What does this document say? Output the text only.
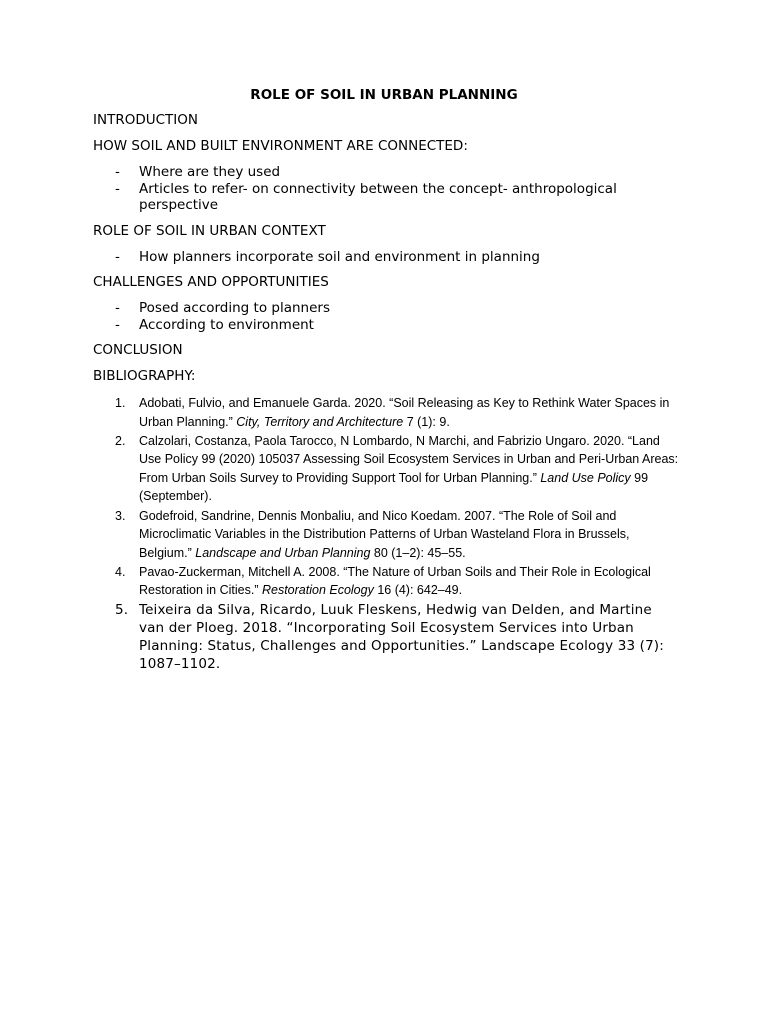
ROLE OF SOIL IN URBAN PLANNING
INTRODUCTION
HOW SOIL AND BUILT ENVIRONMENT ARE CONNECTED:
- Where are they used
- Articles to refer- on connectivity between the concept- anthropological perspective
ROLE OF SOIL IN URBAN CONTEXT
- How planners incorporate soil and environment in planning
CHALLENGES AND OPPORTUNITIES
- Posed according to planners
- According to environment
CONCLUSION
BIBLIOGRAPHY:
1. Adobati, Fulvio, and Emanuele Garda. 2020. “Soil Releasing as Key to Rethink Water Spaces in Urban Planning.” City, Territory and Architecture 7 (1): 9.
2. Calzolari, Costanza, Paola Tarocco, N Lombardo, N Marchi, and Fabrizio Ungaro. 2020. “Land Use Policy 99 (2020) 105037 Assessing Soil Ecosystem Services in Urban and Peri-Urban Areas: From Urban Soils Survey to Providing Support Tool for Urban Planning.” Land Use Policy 99 (September).
3. Godefroid, Sandrine, Dennis Monbaliu, and Nico Koedam. 2007. “The Role of Soil and Microclimatic Variables in the Distribution Patterns of Urban Wasteland Flora in Brussels, Belgium.” Landscape and Urban Planning 80 (1–2): 45–55.
4. Pavao-Zuckerman, Mitchell A. 2008. “The Nature of Urban Soils and Their Role in Ecological Restoration in Cities.” Restoration Ecology 16 (4): 642–49.
5. Teixeira da Silva, Ricardo, Luuk Fleskens, Hedwig van Delden, and Martine van der Ploeg. 2018. “Incorporating Soil Ecosystem Services into Urban Planning: Status, Challenges and Opportunities.” Landscape Ecology 33 (7): 1087–1102.
